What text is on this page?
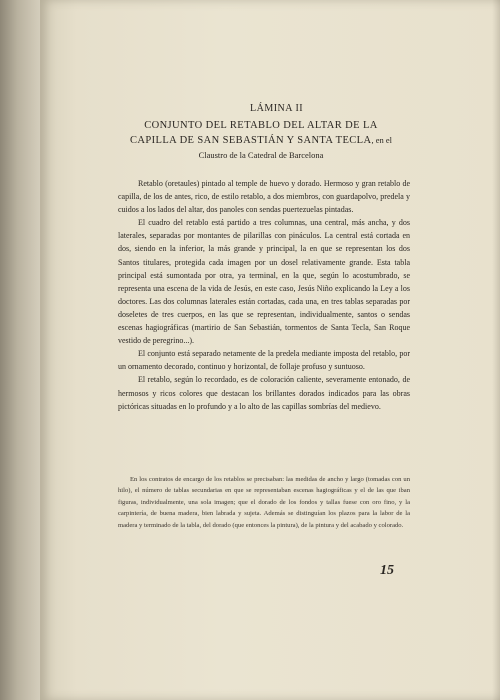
LÁMINA II
CONJUNTO DEL RETABLO DEL ALTAR DE LA CAPILLA DE SAN SEBASTIÁN Y SANTA TECLA, en el Claustro de la Catedral de Barcelona

Retablo (oretaules) pintado al temple de huevo y dorado. Hermoso y gran retablo de capilla, de los de antes, rico, de estilo retablo, a dos miembros, con guardapolvo, predela y cuidos a los lados del altar, dos panoles con sendas puertezuelas pintadas.

El cuadro del retablo está partido a tres columnas, una central, más ancha, y dos laterales, separadas por montantes de pilarillas con pináculos. La central está cortada en dos, siendo en la inferior, la más grande y principal, la en que se representan los dos Santos titulares, protegida cada imagen por un dosel relativamente grande. Esta tabla principal está sumontada por otra, ya terminal, en la que, según lo acostumbrado, se representa una escena de la vida de Jesús, en este caso, Jesús Niño explicando la Ley a los doctores. Las dos columnas laterales están cortadas, cada una, en tres tablas separadas por doseletes de tres cuerpos, en las que se representan, individualmente, santos o sendas escenas hagiográficas (martirio de San Sebastián, tormentos de Santa Tecla, San Roque vestido de peregrino...).

El conjunto está separado netamente de la predela mediante imposta del retablo, por un ornamento decorado, continuo y horizontal, de follaje profuso y suntuoso.

El retablo, según lo recordado, es de coloración caliente, severamente entonado, de hermosos y ricos colores que destacan los brillantes dorados indicados para las obras pictóricas situadas en lo profundo y a lo alto de las capillas sombrías del medievo.

En los contratos de encargo de los retablos se precisaban: las medidas de ancho y largo (tomadas con un hilo), el número de tablas secundarias en que se representaban escenas hagiográficas y el de las que iban figuras, individualmente, una sola imagen; que el dorado de los fondos y tallas fuese con oro fino, y la carpintería, de buena madera, bien labrada y sujeta. Además se distinguían los plazos para la labor de la madera y terminado de la tabla, del dorado (que entonces la pintura), de la pintura y del acabado y colorado.

15
